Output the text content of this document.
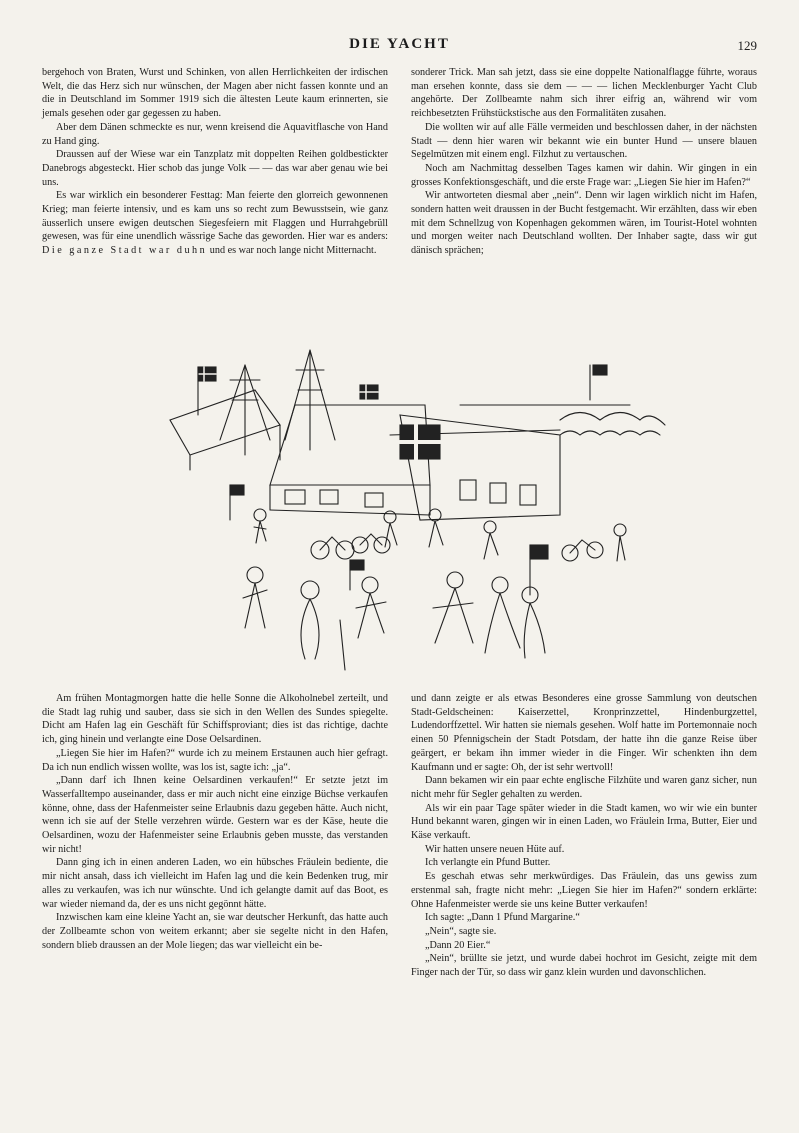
DIE YACHT	129

bergehoch von Braten, Wurst und Schinken, von allen Herrlichkeiten der irdischen Welt, die das Herz sich nur wünschen, der Magen aber nicht fassen konnte und an die in Deutschland im Sommer 1919 sich die ältesten Leute kaum erinnerten, sie jemals gesehen oder gar gegessen zu haben.

Aber dem Dänen schmeckte es nur, wenn kreisend die Aquavitflasche von Hand zu Hand ging.

Draussen auf der Wiese war ein Tanzplatz mit doppelten Reihen goldbestickter Danebrogs abgesteckt. Hier schob das junge Volk — — das war aber genau wie bei uns.

Es war wirklich ein besonderer Festtag: Man feierte den glorreich gewonnenen Krieg; man feierte intensiv, und es kam uns so recht zum Bewusstsein, wie ganz äusserlich unsere ewigen deutschen Siegesfeiern mit Flaggen und Hurrahgebrüll gewesen, was für eine unendlich wässrige Sache das geworden. Hier war es anders: Die ganze Stadt war duhn und es war noch lange nicht Mitternacht.

sonderer Trick. Man sah jetzt, dass sie eine doppelte Nationalflagge führte, woraus man ersehen konnte, dass sie dem — — — lichen Mecklenburger Yacht Club angehörte. Der Zollbeamte nahm sich ihrer eifrig an, während wir vom reichbesetzten Frühstückstische aus den Formalitäten zusahen.

Die wollten wir auf alle Fälle vermeiden und beschlossen daher, in der nächsten Stadt — denn hier waren wir bekannt wie ein bunter Hund — unsere blauen Segelmützen mit einem engl. Filzhut zu vertauschen.

Noch am Nachmittag desselben Tages kamen wir dahin. Wir gingen in ein grosses Konfektionsgeschäft, und die erste Frage war: „Liegen Sie hier im Hafen?“

Wir antworteten diesmal aber „nein“. Denn wir lagen wirklich nicht im Hafen, sondern hatten weit draussen in der Bucht festgemacht. Wir erzählten, dass wir eben mit dem Schnellzug von Kopenhagen gekommen wären, im Tourist-Hotel wohnten und morgen weiter nach Deutschland wollten. Der Inhaber sagte, dass wir gut dänisch sprächen;

Am frühen Montagmorgen hatte die helle Sonne die Alkoholnebel zerteilt, und die Stadt lag ruhig und sauber, dass sie sich in den Wellen des Sundes spiegelte. Dicht am Hafen lag ein Geschäft für Schiffsproviant; dies ist das richtige, dachte ich, ging hinein und verlangte eine Dose Oelsardinen.

„Liegen Sie hier im Hafen?“ wurde ich zu meinem Erstaunen auch hier gefragt. Da ich nun endlich wissen wollte, was los ist, sagte ich: „ja“.

„Dann darf ich Ihnen keine Oelsardinen verkaufen!“ Er setzte jetzt im Wasserfalltempo auseinander, dass er mir auch nicht eine einzige Büchse verkaufen könne, ohne, dass der Hafenmeister seine Erlaubnis dazu gegeben hätte. Auch nicht, wenn ich sie auf der Stelle verzehren würde. Gestern war es der Käse, heute die Oelsardinen, wozu der Hafenmeister seine Erlaubnis geben musste, das verstanden wir nicht!

Dann ging ich in einen anderen Laden, wo ein hübsches Fräulein bediente, die mir nicht ansah, dass ich vielleicht im Hafen lag und die kein Bedenken trug, mir alles zu verkaufen, was ich nur wünschte. Und ich gelangte damit auf das Boot, es war wieder niemand da, der es uns nicht gegönnt hätte.

Inzwischen kam eine kleine Yacht an, sie war deutscher Herkunft, das hatte auch der Zollbeamte schon von weitem erkannt; aber sie segelte nicht in den Hafen, sondern blieb draussen an der Mole liegen; das war vielleicht ein be-

und dann zeigte er als etwas Besonderes eine grosse Sammlung von deutschen Stadt-Geldscheinen: Kaiserzettel, Kronprinzzettel, Hindenburgzettel, Ludendorffzettel. Wir hatten sie niemals gesehen. Wolf hatte im Portemonnaie noch einen 50 Pfennigschein der Stadt Potsdam, der hatte ihn die ganze Reise über geärgert, er bekam ihn immer wieder in die Finger. Wir schenkten ihn dem Kaufmann und er sagte: Oh, der ist sehr wertvoll!

Dann bekamen wir ein paar echte englische Filzhüte und waren ganz sicher, nun nicht mehr für Segler gehalten zu werden.

Als wir ein paar Tage später wieder in die Stadt kamen, wo wir wie ein bunter Hund bekannt waren, gingen wir in einen Laden, wo Fräulein Irma, Butter, Eier und Käse verkauft.

Wir hatten unsere neuen Hüte auf.

Ich verlangte ein Pfund Butter.

Es geschah etwas sehr merkwürdiges. Das Fräulein, das uns gewiss zum erstenmal sah, fragte nicht mehr: „Liegen Sie hier im Hafen?“ sondern erklärte: Ohne Hafenmeister werde sie uns keine Butter verkaufen!

Ich sagte: „Dann 1 Pfund Margarine.“

„Nein“, sagte sie.

„Dann 20 Eier.“

„Nein“, brüllte sie jetzt, und wurde dabei hochrot im Gesicht, zeigte mit dem Finger nach der Tür, so dass wir ganz klein wurden und davonschlichen.
